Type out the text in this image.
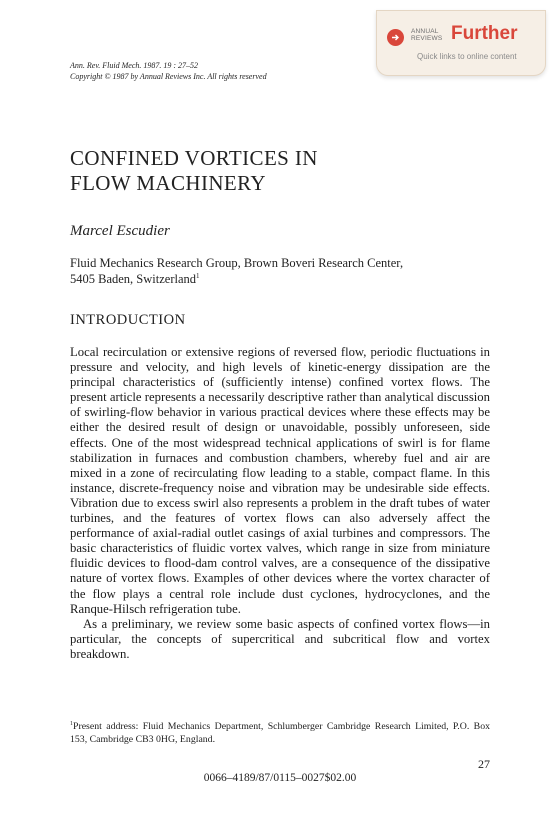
ANNUAL REVIEWS Further
Quick links to online content
Ann. Rev. Fluid Mech. 1987. 19 : 27–52
Copyright © 1987 by Annual Reviews Inc. All rights reserved
CONFINED VORTICES IN
FLOW MACHINERY
Marcel Escudier
Fluid Mechanics Research Group, Brown Boveri Research Center,
5405 Baden, Switzerland$^1$
INTRODUCTION

Local recirculation or extensive regions of reversed flow, periodic fluctuations in pressure and velocity, and high levels of kinetic-energy dissipation are the principal characteristics of (sufficiently intense) confined vortex flows. The present article represents a necessarily descriptive rather than analytical discussion of swirling-flow behavior in various practical devices where these effects may be either the desired result of design or unavoidable, possibly unforeseen, side effects. One of the most widespread technical applications of swirl is for flame stabilization in furnaces and combustion chambers, whereby fuel and air are mixed in a zone of recirculating flow leading to a stable, compact flame. In this instance, discrete-frequency noise and vibration may be undesirable side effects. Vibration due to excess swirl also represents a problem in the draft tubes of water turbines, and the features of vortex flows can also adversely affect the performance of axial-radial outlet casings of axial turbines and compressors. The basic characteristics of fluidic vortex valves, which range in size from miniature fluidic devices to flood-dam control valves, are a consequence of the dissipative nature of vortex flows. Examples of other devices where the vortex character of the flow plays a central role include dust cyclones, hydrocyclones, and the Ranque-Hilsch refrigeration tube.

As a preliminary, we review some basic aspects of confined vortex flows—in particular, the concepts of supercritical and subcritical flow and vortex breakdown.

$^1$Present address: Fluid Mechanics Department, Schlumberger Cambridge Research Limited, P.O. Box 153, Cambridge CB3 0HG, England.
27
0066–4189/87/0115–0027$02.00
